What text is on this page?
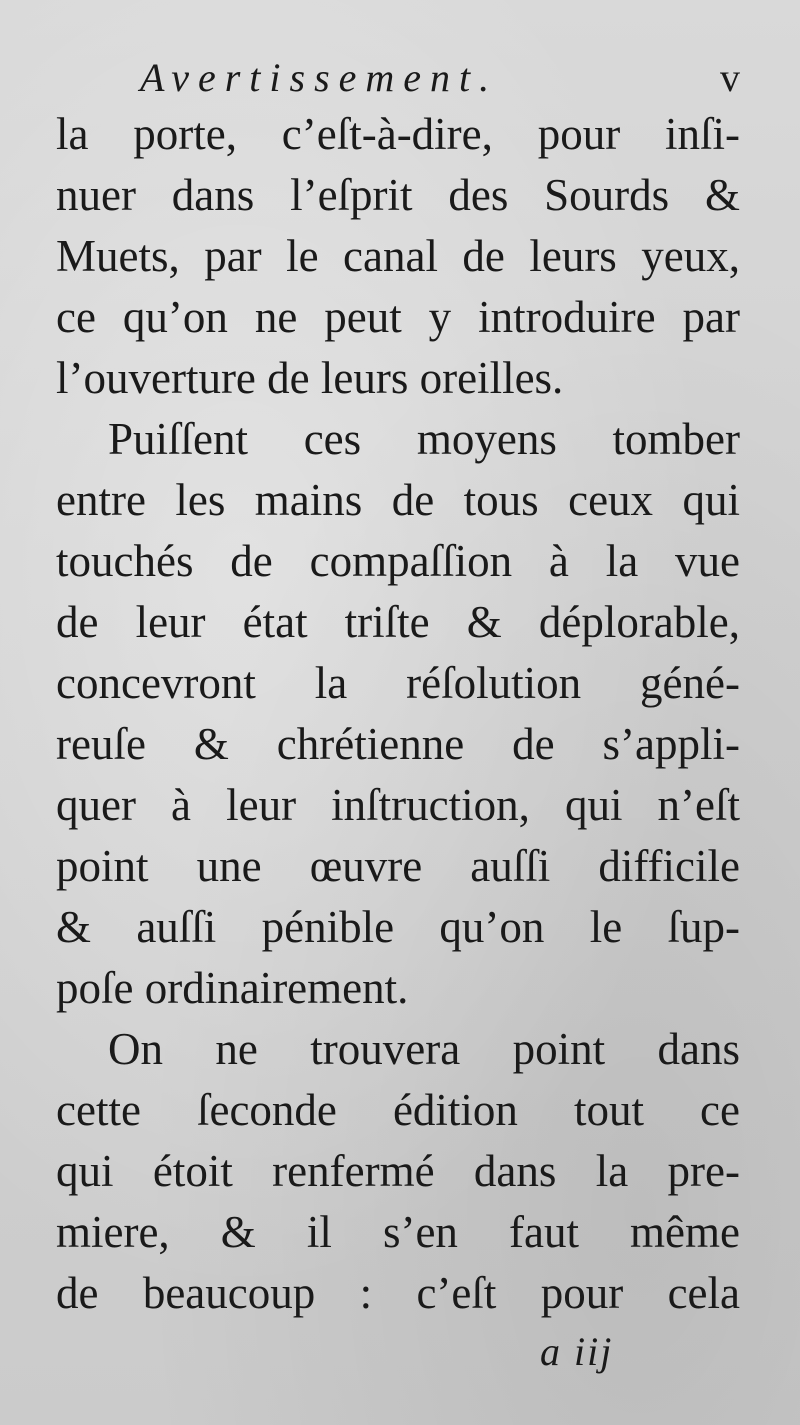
Avertissement.	v
la porte, c’eſt-à-dire, pour inſi-
nuer dans l’eſprit des Sourds &
Muets, par le canal de leurs yeux,
ce qu’on ne peut y introduire par
l’ouverture de leurs oreilles.
Puiſſent ces moyens tomber
entre les mains de tous ceux qui
touchés de compaſſion à la vue
de leur état triſte & déplorable,
concevront la réſolution géné-
reuſe & chrétienne de s’appli-
quer à leur inſtruction, qui n’eſt
point une œuvre auſſi difficile
& auſſi pénible qu’on le ſup-
poſe ordinairement.
On ne trouvera point dans
cette ſeconde édition tout ce
qui étoit renfermé dans la pre-
miere, & il s’en faut même
de beaucoup : c’eſt pour cela
a iij
